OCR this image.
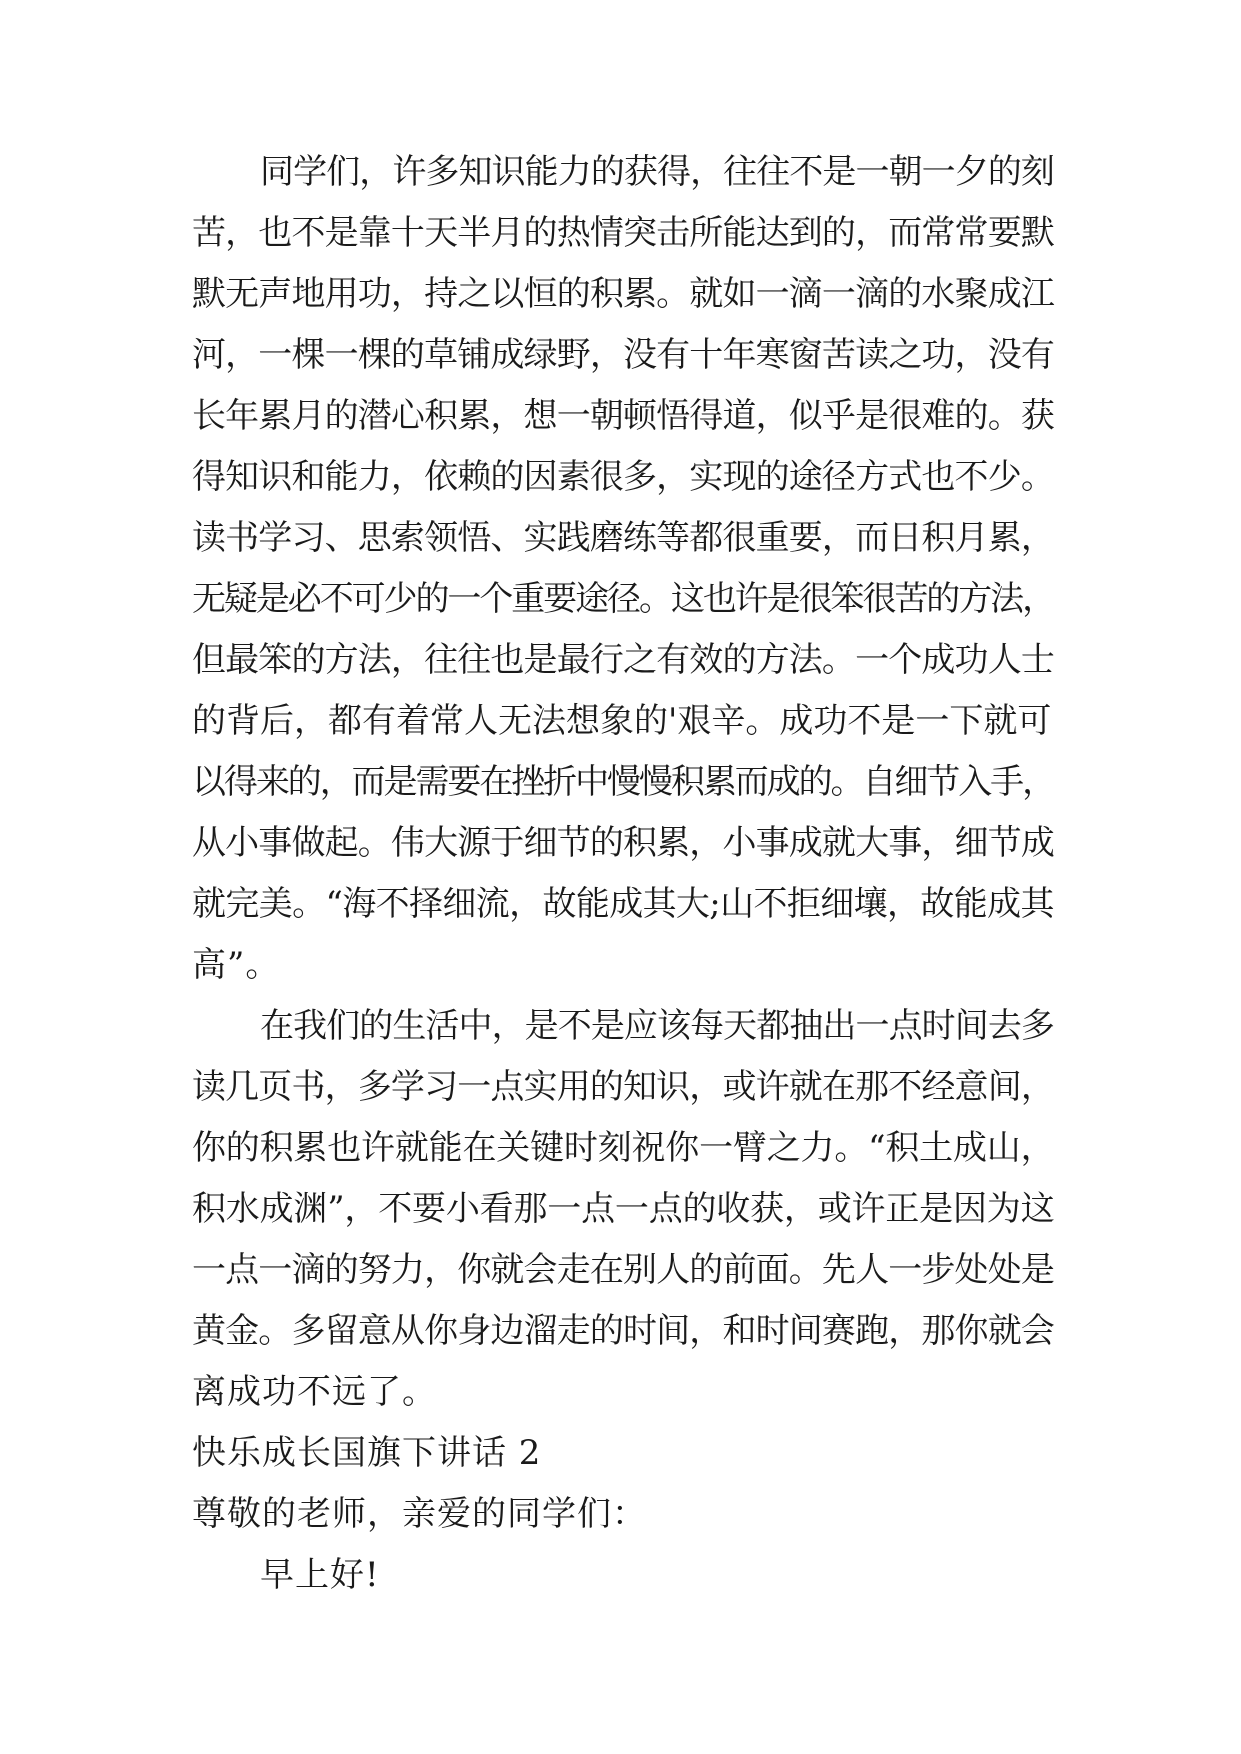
同学们，许多知识能力的获得，往往不是一朝一夕的刻
苦，也不是靠十天半月的热情突击所能达到的，而常常要默
默无声地用功，持之以恒的积累。就如一滴一滴的水聚成江
河，一棵一棵的草铺成绿野，没有十年寒窗苦读之功，没有
长年累月的潜心积累，想一朝顿悟得道，似乎是很难的。获
得知识和能力，依赖的因素很多，实现的途径方式也不少。
读书学习、思索领悟、实践磨练等都很重要，而日积月累，
无疑是必不可少的一个重要途径。这也许是很笨很苦的方法，
但最笨的方法，往往也是最行之有效的方法。一个成功人士
的背后，都有着常人无法想象的'艰辛。成功不是一下就可
以得来的，而是需要在挫折中慢慢积累而成的。自细节入手，
从小事做起。伟大源于细节的积累，小事成就大事，细节成
就完美。“海不择细流，故能成其大;山不拒细壤，故能成其
高”。
在我们的生活中，是不是应该每天都抽出一点时间去多
读几页书，多学习一点实用的知识，或许就在那不经意间，
你的积累也许就能在关键时刻祝你一臂之力。“积土成山，
积水成渊”，不要小看那一点一点的收获，或许正是因为这
一点一滴的努力，你就会走在别人的前面。先人一步处处是
黄金。多留意从你身边溜走的时间，和时间赛跑，那你就会
离成功不远了。
快乐成长国旗下讲话 2
尊敬的老师，亲爱的同学们：
早上好!
